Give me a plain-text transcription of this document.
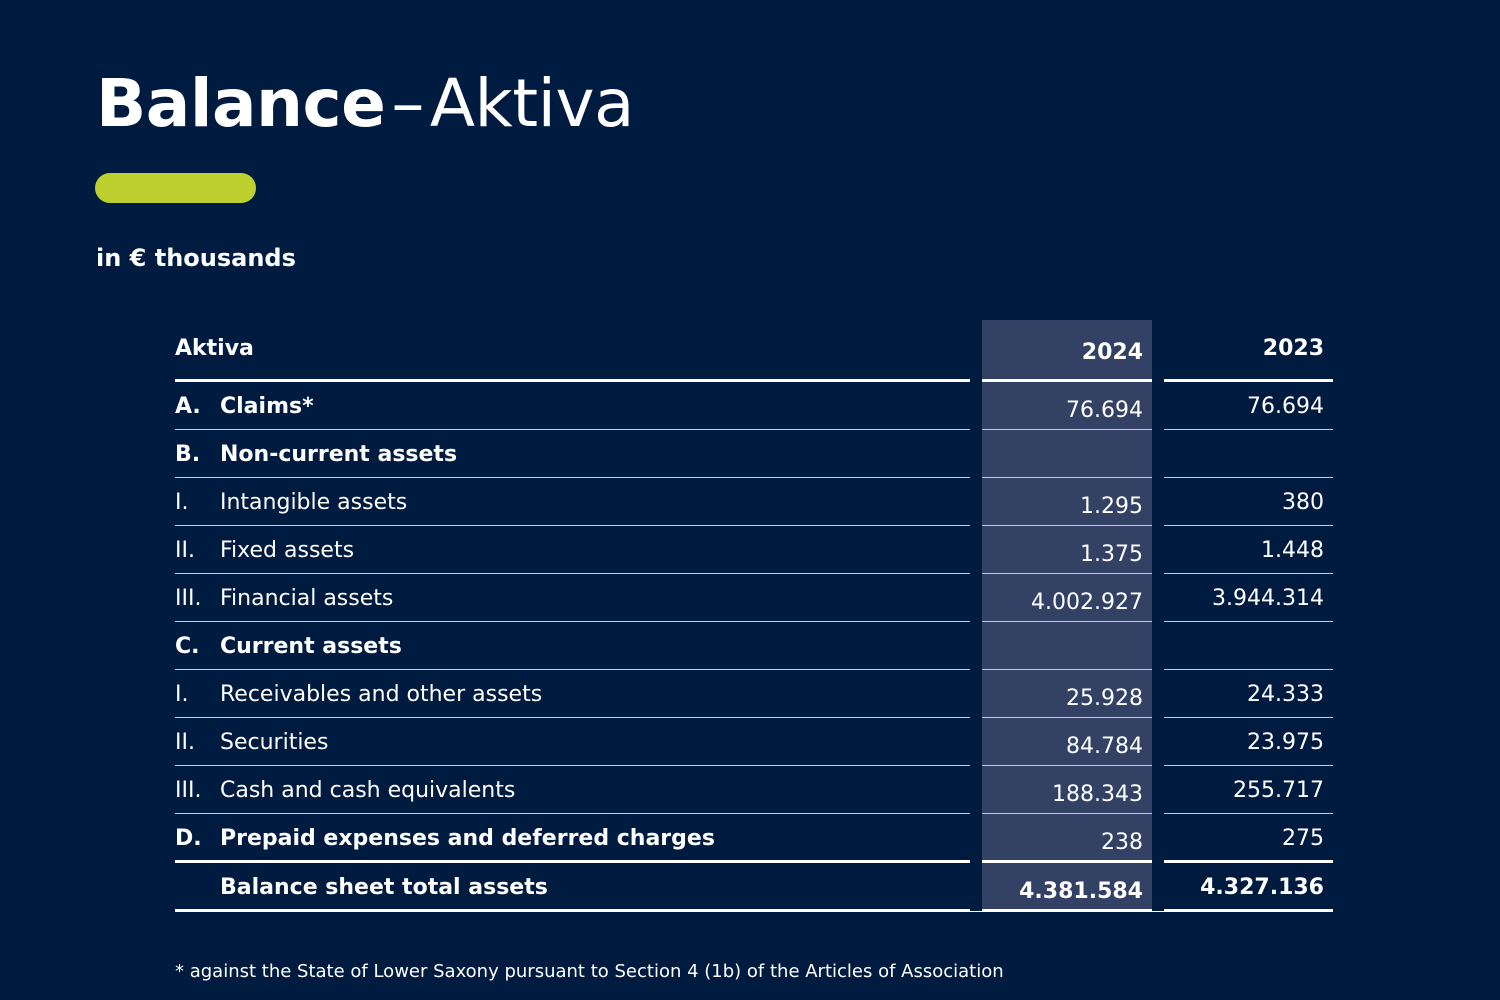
Balance–Aktiva
in € thousands
Aktiva	2024	2023
A. Claims*	76.694	76.694
B. Non-current assets
I. Intangible assets	1.295	380
II. Fixed assets	1.375	1.448
III. Financial assets	4.002.927	3.944.314
C. Current assets
I. Receivables and other assets	25.928	24.333
II. Securities	84.784	23.975
III. Cash and cash equivalents	188.343	255.717
D. Prepaid expenses and deferred charges	238	275
Balance sheet total assets	4.381.584	4.327.136
* against the State of Lower Saxony pursuant to Section 4 (1b) of the Articles of Association
